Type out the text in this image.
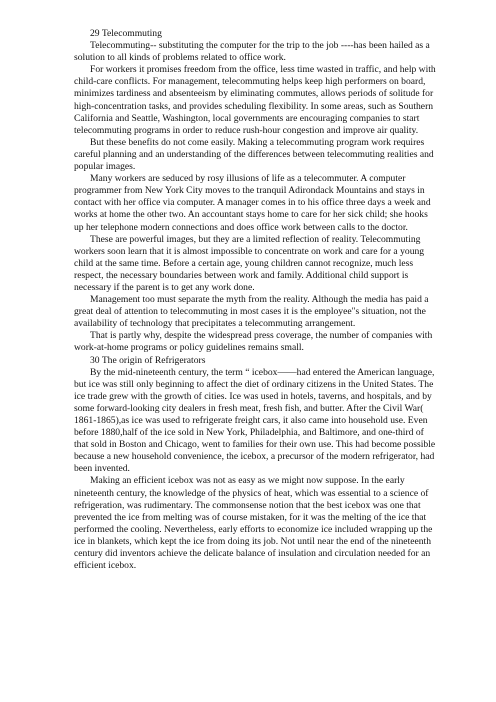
29 Telecommuting

Telecommuting-- substituting the computer for the trip to the job ----has been hailed as a solution to all kinds of problems related to office work.

For workers it promises freedom from the office, less time wasted in traffic, and help with child-care conflicts. For management, telecommuting helps keep high performers on board, minimizes tardiness and absenteeism by eliminating commutes, allows periods of solitude for high-concentration tasks, and provides scheduling flexibility. In some areas, such as Southern California and Seattle, Washington, local governments are encouraging companies to start telecommuting programs in order to reduce rush-hour congestion and improve air quality.

But these benefits do not come easily. Making a telecommuting program work requires careful planning and an understanding of the differences between telecommuting realities and popular images.

Many workers are seduced by rosy illusions of life as a telecommuter. A computer programmer from New York City moves to the tranquil Adirondack Mountains and stays in contact with her office via computer. A manager comes in to his office three days a week and works at home the other two. An accountant stays home to care for her sick child; she hooks up her telephone modern connections and does office work between calls to the doctor.

These are powerful images, but they are a limited reflection of reality. Telecommuting workers soon learn that it is almost impossible to concentrate on work and care for a young child at the same time. Before a certain age, young children cannot recognize, much less respect, the necessary boundaries between work and family. Additional child support is necessary if the parent is to get any work done.

Management too must separate the myth from the reality. Although the media has paid a great deal of attention to telecommuting in most cases it is the employee"s situation, not the availability of technology that precipitates a telecommuting arrangement.

That is partly why, despite the widespread press coverage, the number of companies with work-at-home programs or policy guidelines remains small.

30 The origin of Refrigerators

By the mid-nineteenth century, the term “ icebox——had entered the American language, but ice was still only beginning to affect the diet of ordinary citizens in the United States. The ice trade grew with the growth of cities. Ice was used in hotels, taverns, and hospitals, and by some forward-looking city dealers in fresh meat, fresh fish, and butter. After the Civil War( 1861-1865),as ice was used to refrigerate freight cars, it also came into household use. Even before 1880,half of the ice sold in New York, Philadelphia, and Baltimore, and one-third of that sold in Boston and Chicago, went to families for their own use. This had become possible because a new household convenience, the icebox, a precursor of the modern refrigerator, had been invented.

Making an efficient icebox was not as easy as we might now suppose. In the early nineteenth century, the knowledge of the physics of heat, which was essential to a science of refrigeration, was rudimentary. The commonsense notion that the best icebox was one that prevented the ice from melting was of course mistaken, for it was the melting of the ice that performed the cooling. Nevertheless, early efforts to economize ice included wrapping up the ice in blankets, which kept the ice from doing its job. Not until near the end of the nineteenth century did inventors achieve the delicate balance of insulation and circulation needed for an efficient icebox.
